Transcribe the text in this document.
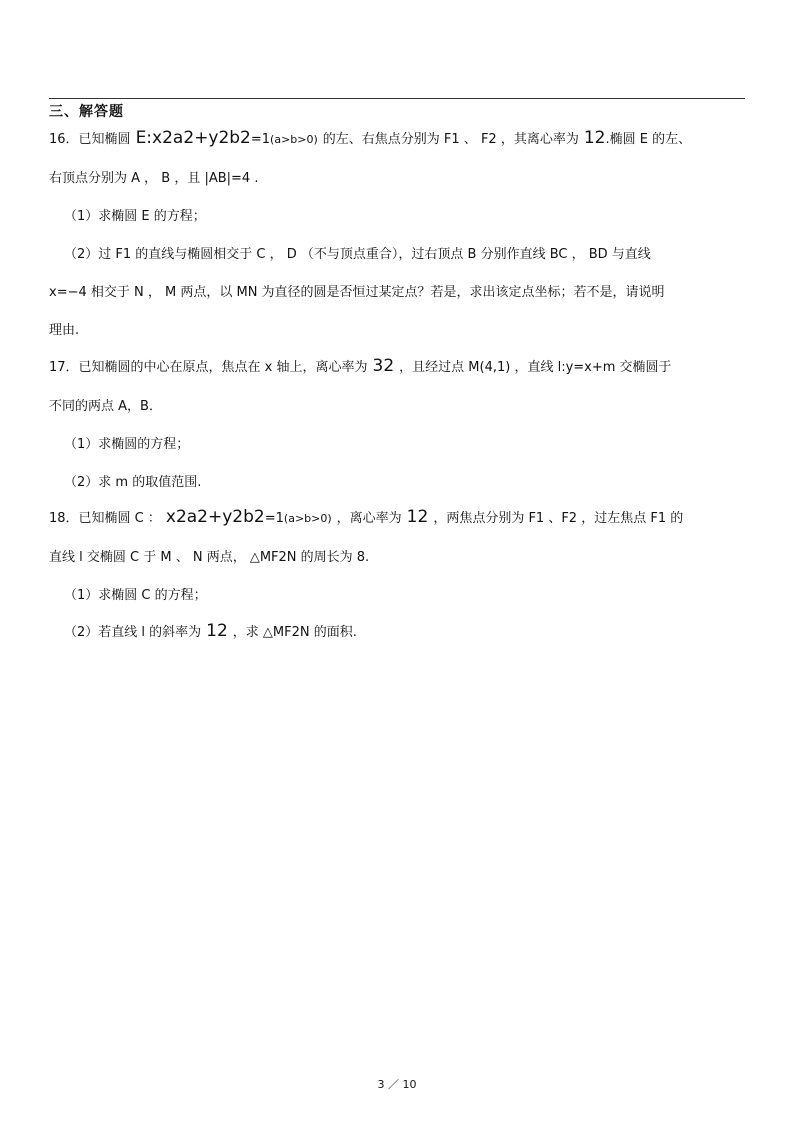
三、解答题
16．已知椭圆 E:x2a2+y2b2=1(a>b>0) 的左、右焦点分别为 F1 、 F2 ，其离心率为 12.椭圆 E 的左、
右顶点分别为 A ， B ，且 |AB|=4 .
（1）求椭圆 E 的方程；
（2）过 F1 的直线与椭圆相交于 C ， D （不与顶点重合），过右顶点 B 分别作直线 BC ， BD 与直线
x=−4 相交于 N ， M 两点，以 MN 为直径的圆是否恒过某定点？若是，求出该定点坐标；若不是，请说明
理由.
17．已知椭圆的中心在原点，焦点在 x 轴上，离心率为 32 ，且经过点 M(4,1) ，直线 l:y=x+m 交椭圆于
不同的两点 A，B．
（1）求椭圆的方程；
（2）求 m 的取值范围.
18．已知椭圆 C ： x2a2+y2b2=1(a>b>0) ，离心率为 12 ，两焦点分别为 F1 、F2 ，过左焦点 F1 的
直线 l 交椭圆 C 于 M 、 N 两点， △MF2N 的周长为 8.
（1）求椭圆 C 的方程；
（2）若直线 l 的斜率为 12 ，求 △MF2N 的面积.
3 ／ 10
